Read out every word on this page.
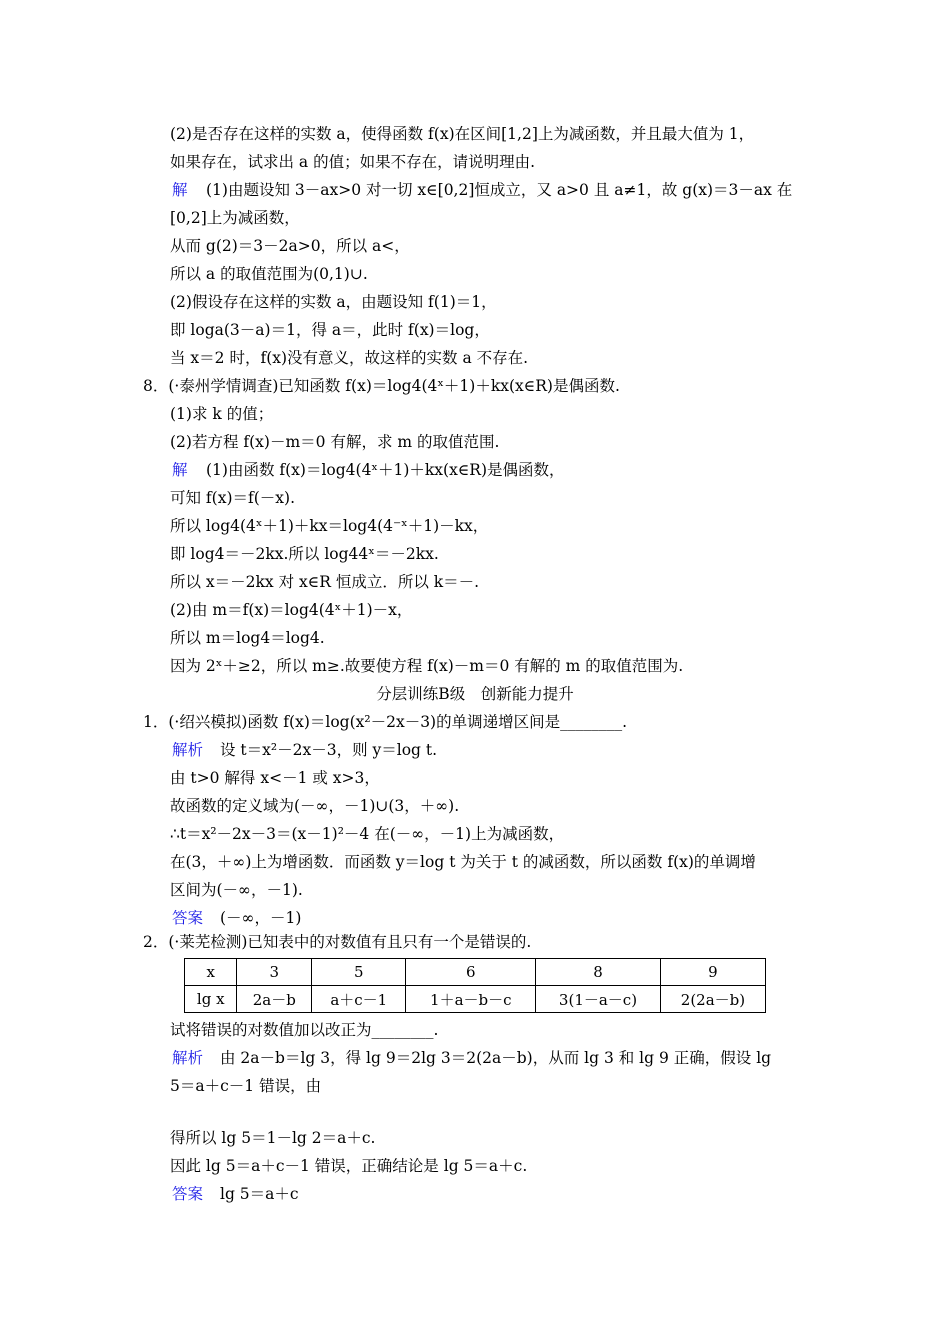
(2)是否存在这样的实数 a，使得函数 f(x)在区间[1,2]上为减函数，并且最大值为 1，
如果存在，试求出 a 的值；如果不存在，请说明理由.
解 (1)由题设知 3－ax>0 对一切 x∈[0,2]恒成立，又 a>0 且 a≠1，故 g(x)＝3－ax 在
[0,2]上为减函数，
从而 g(2)＝3－2a>0，所以 a<，
所以 a 的取值范围为(0,1)∪.
(2)假设存在这样的实数 a，由题设知 f(1)＝1，
即 loga(3－a)＝1，得 a＝，此时 f(x)＝log，
当 x＝2 时，f(x)没有意义，故这样的实数 a 不存在.
8．(·泰州学情调查)已知函数 f(x)＝log4(4ˣ＋1)＋kx(x∈R)是偶函数.
(1)求 k 的值；
(2)若方程 f(x)－m＝0 有解，求 m 的取值范围.
解 (1)由函数 f(x)＝log4(4ˣ＋1)＋kx(x∈R)是偶函数，
可知 f(x)＝f(－x).
所以 log4(4ˣ＋1)＋kx＝log4(4⁻ˣ＋1)－kx，
即 log4＝－2kx.所以 log44ˣ＝－2kx.
所以 x＝－2kx 对 x∈R 恒成立．所以 k＝－.
(2)由 m＝f(x)＝log4(4ˣ＋1)－x，
所以 m＝log4＝log4.
因为 2ˣ＋≥2，所以 m≥.故要使方程 f(x)－m＝0 有解的 m 的取值范围为.
分层训练B级　创新能力提升
1．(·绍兴模拟)函数 f(x)＝log(x²－2x－3)的单调递增区间是________.
解析 设 t＝x²－2x－3，则 y＝log t.
由 t>0 解得 x<－1 或 x>3，
故函数的定义域为(－∞，－1)∪(3，＋∞).
∴t＝x²－2x－3＝(x－1)²－4 在(－∞，－1)上为减函数，
在(3，＋∞)上为增函数．而函数 y＝log t 为关于 t 的减函数，所以函数 f(x)的单调增
区间为(－∞，－1).
答案 (－∞，－1)
2．(·莱芜检测)已知表中的对数值有且只有一个是错误的.
x	3	5	6	8	9
lg x	2a－b	a＋c－1	1＋a－b－c	3(1－a－c)	2(2a－b)
试将错误的对数值加以改正为________.
解析 由 2a－b＝lg 3，得 lg 9＝2lg 3＝2(2a－b)，从而 lg 3 和 lg 9 正确，假设 lg
5＝a＋c－1 错误，由
得所以 lg 5＝1－lg 2＝a＋c.
因此 lg 5＝a＋c－1 错误，正确结论是 lg 5＝a＋c.
答案 lg 5＝a＋c
